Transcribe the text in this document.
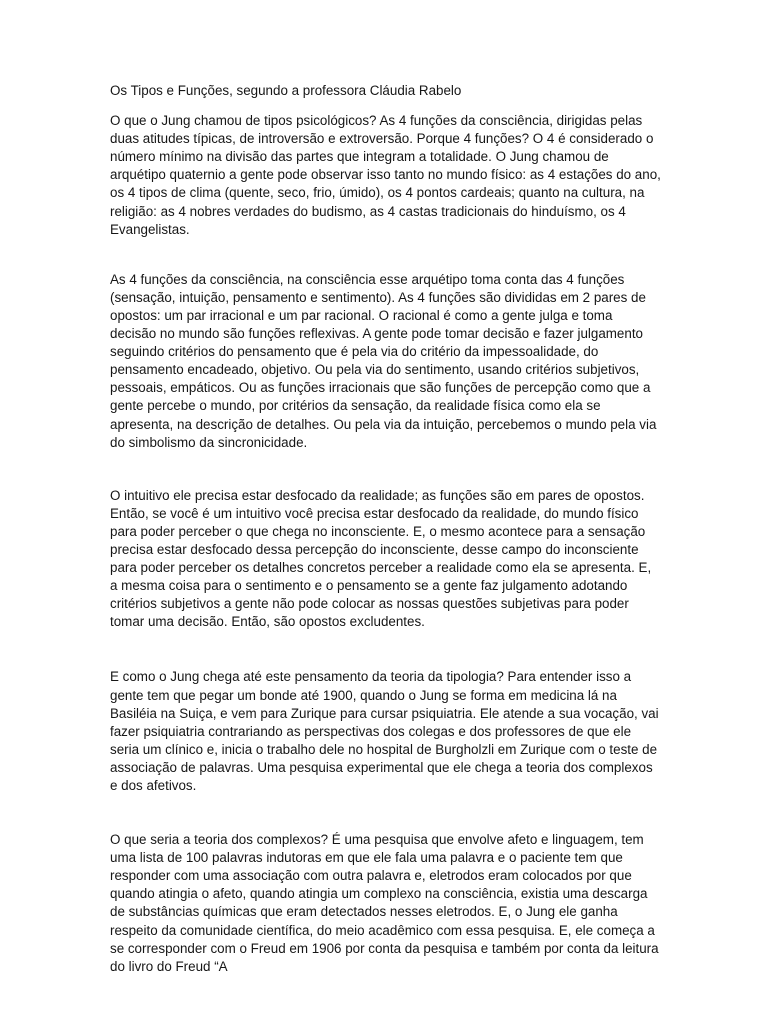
Os Tipos e Funções, segundo a professora Cláudia Rabelo

O que o Jung chamou de tipos psicológicos? As 4 funções da consciência, dirigidas pelas duas atitudes típicas, de introversão e extroversão. Porque 4 funções? O 4 é considerado o número mínimo na divisão das partes que integram a totalidade. O Jung chamou de arquétipo quaternio a gente pode observar isso tanto no mundo físico: as 4 estações do ano, os 4 tipos de clima (quente, seco, frio, úmido), os 4 pontos cardeais; quanto na cultura, na religião: as 4 nobres verdades do budismo, as 4 castas tradicionais do hinduísmo, os 4 Evangelistas.

As 4 funções da consciência, na consciência esse arquétipo toma conta das 4 funções (sensação, intuição, pensamento e sentimento). As 4 funções são divididas em 2 pares de opostos: um par irracional e um par racional. O racional é como a gente julga e toma decisão no mundo são funções reflexivas. A gente pode tomar decisão e fazer julgamento seguindo critérios do pensamento que é pela via do critério da impessoalidade, do pensamento encadeado, objetivo. Ou pela via do sentimento, usando critérios subjetivos, pessoais, empáticos. Ou as funções irracionais que são funções de percepção como que a gente percebe o mundo, por critérios da sensação, da realidade física como ela se apresenta, na descrição de detalhes. Ou pela via da intuição, percebemos o mundo pela via do simbolismo da sincronicidade.

O intuitivo ele precisa estar desfocado da realidade; as funções são em pares de opostos. Então, se você é um intuitivo você precisa estar desfocado da realidade, do mundo físico para poder perceber o que chega no inconsciente. E, o mesmo acontece para a sensação precisa estar desfocado dessa percepção do inconsciente, desse campo do inconsciente para poder perceber os detalhes concretos perceber a realidade como ela se apresenta. E, a mesma coisa para o sentimento e o pensamento se a gente faz julgamento adotando critérios subjetivos a gente não pode colocar as nossas questões subjetivas para poder tomar uma decisão. Então, são opostos excludentes.

E como o Jung chega até este pensamento da teoria da tipologia? Para entender isso a gente tem que pegar um bonde até 1900, quando o Jung se forma em medicina lá na Basiléia na Suiça, e vem para Zurique para cursar psiquiatria. Ele atende a sua vocação, vai fazer psiquiatria contrariando as perspectivas dos colegas e dos professores de que ele seria um clínico e, inicia o trabalho dele no hospital de Burgholzli em Zurique com o teste de associação de palavras. Uma pesquisa experimental que ele chega a teoria dos complexos e dos afetivos.

O que seria a teoria dos complexos? É uma pesquisa que envolve afeto e linguagem, tem uma lista de 100 palavras indutoras em que ele fala uma palavra e o paciente tem que responder com uma associação com outra palavra e, eletrodos eram colocados por que quando atingia o afeto, quando atingia um complexo na consciência, existia uma descarga de substâncias químicas que eram detectados nesses eletrodos. E, o Jung ele ganha respeito da comunidade científica, do meio acadêmico com essa pesquisa. E, ele começa a se corresponder com o Freud em 1906 por conta da pesquisa e também por conta da leitura do livro do Freud “A
